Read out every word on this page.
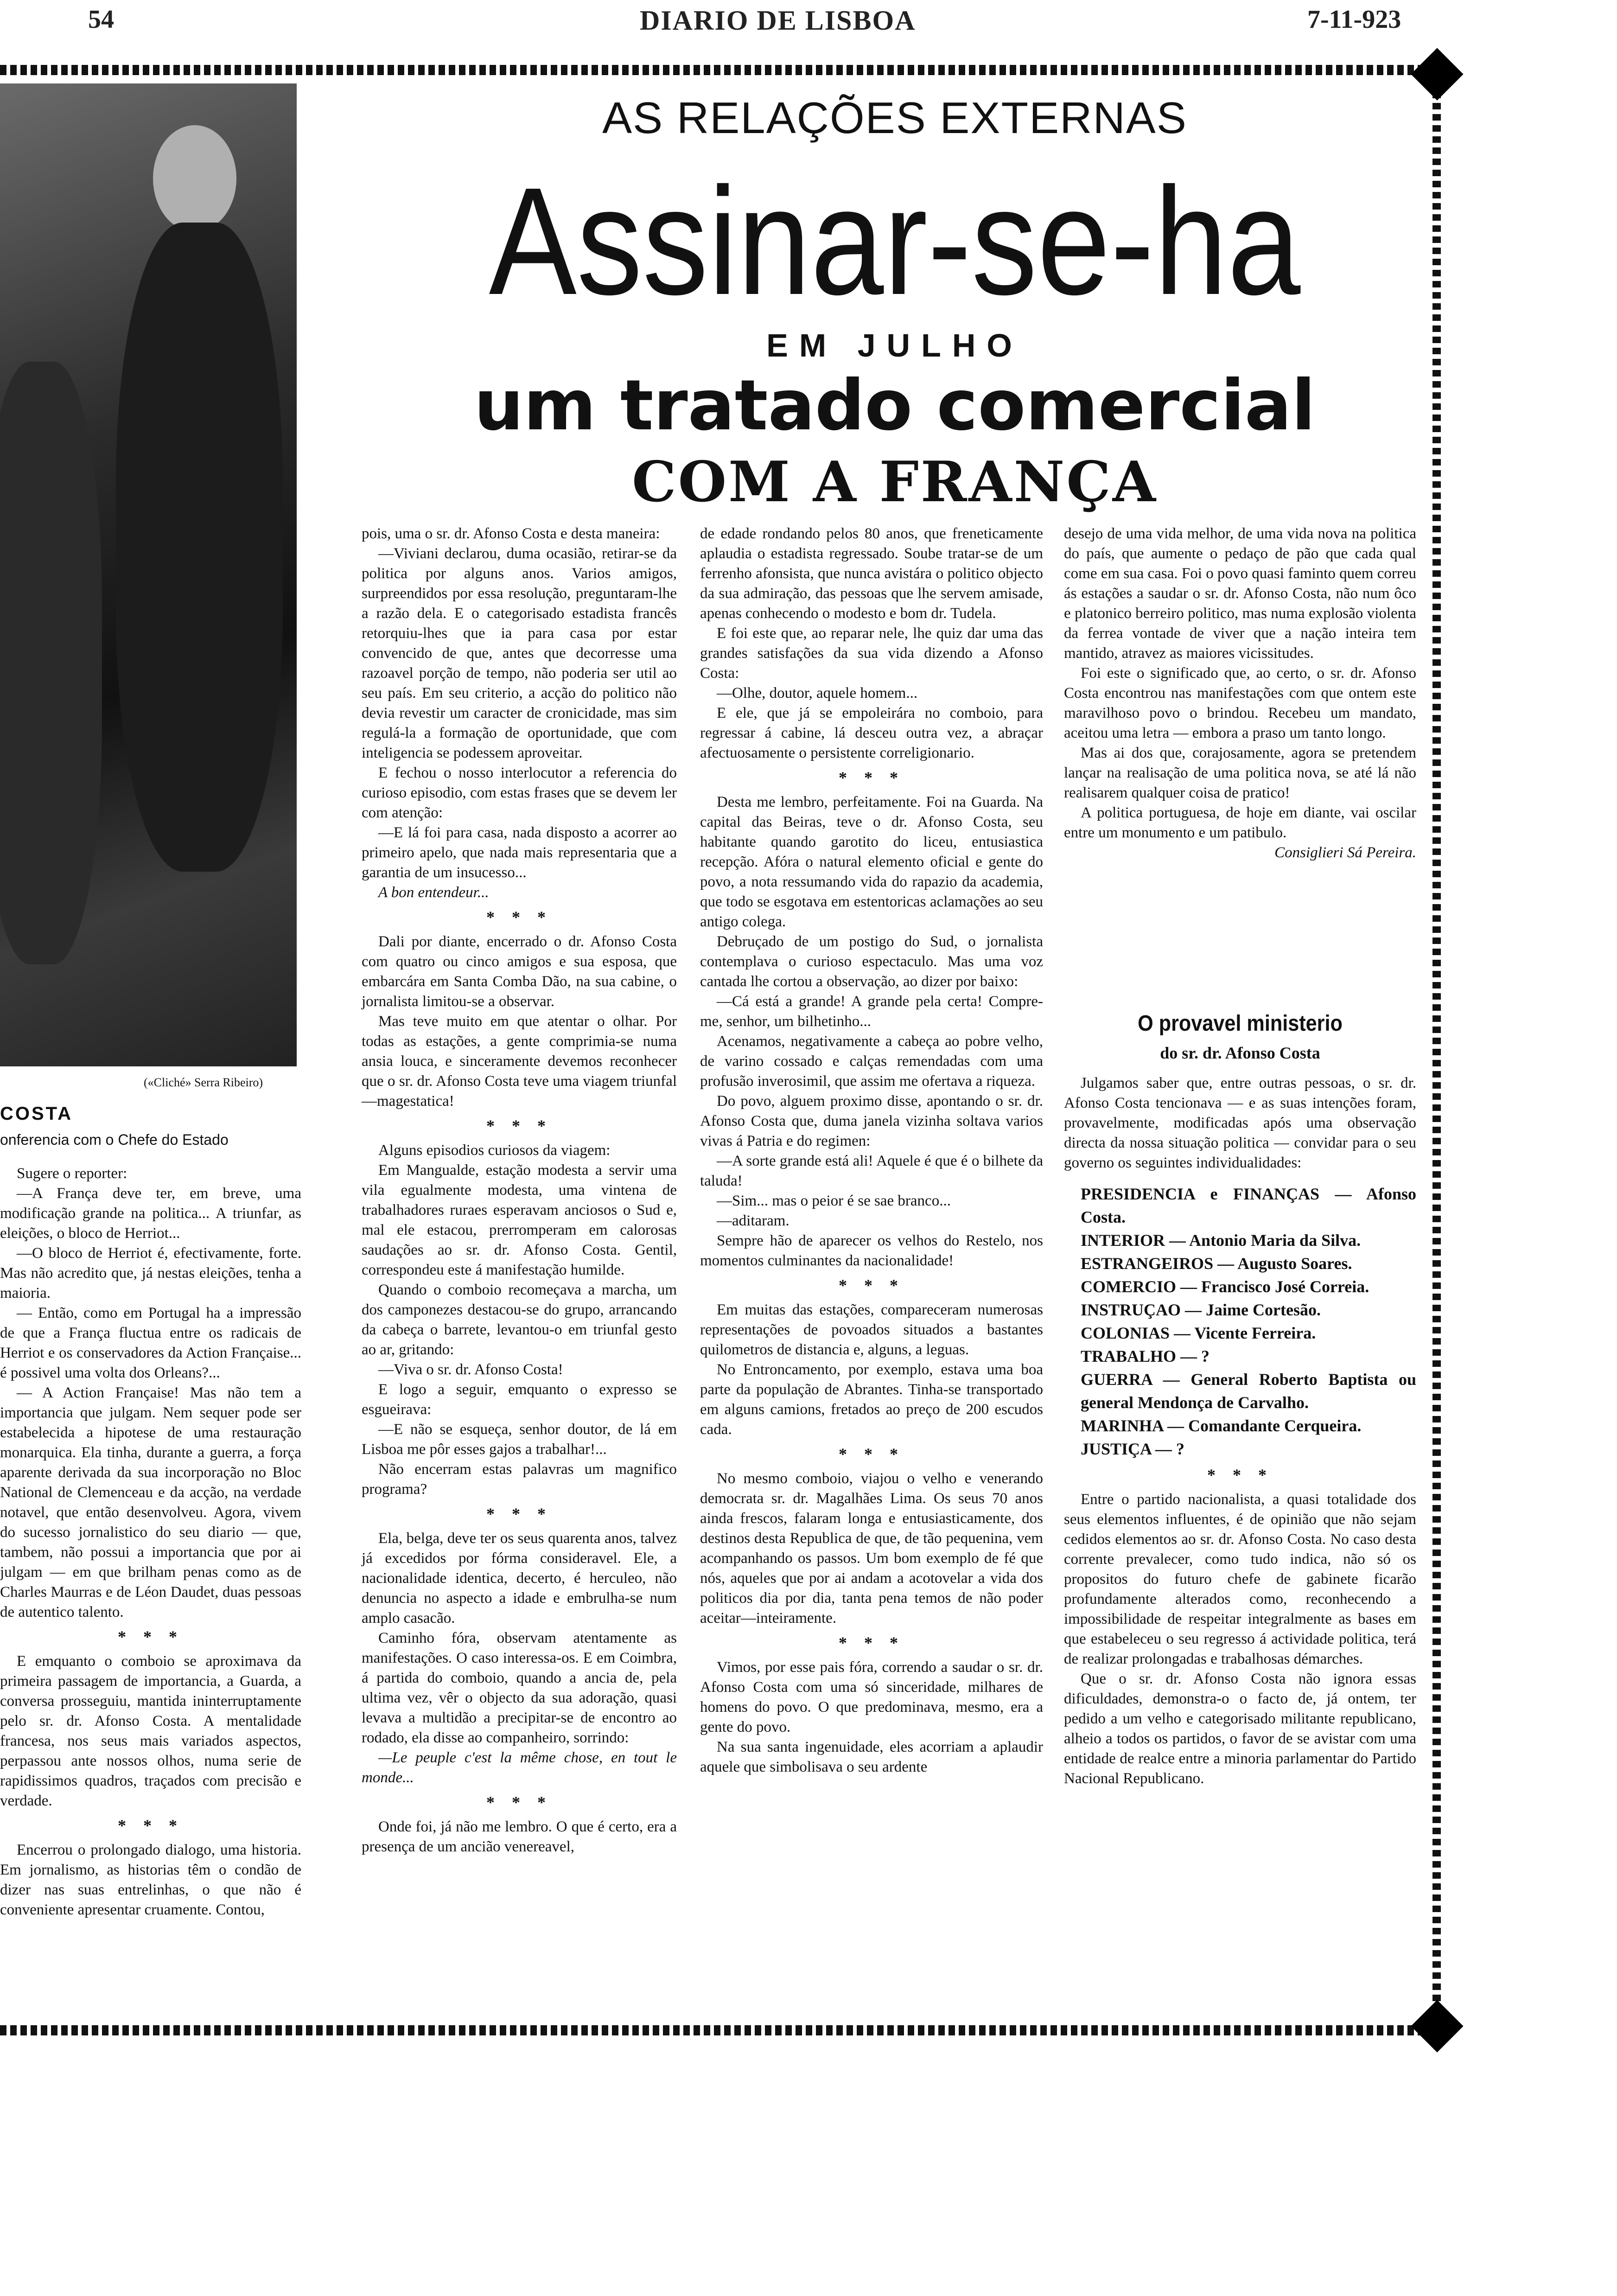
54	DIARIO DE LISBOA	7-11-923
(«Cliché» Serra Ribeiro)
COSTA
onferencia com o Chefe do Estado
AS RELAÇÕES EXTERNAS
Assinar-se-ha
EM JULHO
um tratado comercial
COM A FRANÇA

Sugere o reporter:

—A França deve ter, em breve, uma modificação grande na politica... A triunfar, as eleições, o bloco de Herriot...

—O bloco de Herriot é, efectivamente, forte. Mas não acredito que, já nestas eleições, tenha a maioria.

— Então, como em Portugal ha a impressão de que a França fluctua entre os radicais de Herriot e os conservadores da Action Française... é possivel uma volta dos Orleans?...

— A Action Française! Mas não tem a importancia que julgam. Nem sequer pode ser estabelecida a hipotese de uma restauração monarquica. Ela tinha, durante a guerra, a força aparente derivada da sua incorporação no Bloc National de Clemenceau e da acção, na verdade notavel, que então desenvolveu. Agora, vivem do sucesso jornalistico do seu diario — que, tambem, não possui a importancia que por ai julgam — em que brilham penas como as de Charles Maurras e de Léon Daudet, duas pessoas de autentico talento.

* * *

E emquanto o comboio se aproximava da primeira passagem de importancia, a Guarda, a conversa prosseguiu, mantida ininterruptamente pelo sr. dr. Afonso Costa. A mentalidade francesa, nos seus mais variados aspectos, perpassou ante nossos olhos, numa serie de rapidissimos quadros, traçados com precisão e verdade.

* * *

Encerrou o prolongado dialogo, uma historia. Em jornalismo, as historias têm o condão de dizer nas suas entrelinhas, o que não é conveniente apresentar cruamente. Contou,

pois, uma o sr. dr. Afonso Costa e desta maneira:

—Viviani declarou, duma ocasião, retirar-se da politica por alguns anos. Varios amigos, surpreendidos por essa resolução, preguntaram-lhe a razão dela. E o categorisado estadista francês retorquiu-lhes que ia para casa por estar convencido de que, antes que decorresse uma razoavel porção de tempo, não poderia ser util ao seu país. Em seu criterio, a acção do politico não devia revestir um caracter de cronicidade, mas sim regulá-la a formação de oportunidade, que com inteligencia se podessem aproveitar.

E fechou o nosso interlocutor a referencia do curioso episodio, com estas frases que se devem ler com atenção:

—E lá foi para casa, nada disposto a acorrer ao primeiro apelo, que nada mais representaria que a garantia de um insucesso...

A bon entendeur...

* * *

Dali por diante, encerrado o dr. Afonso Costa com quatro ou cinco amigos e sua esposa, que embarcára em Santa Comba Dão, na sua cabine, o jornalista limitou-se a observar.

Mas teve muito em que atentar o olhar. Por todas as estações, a gente comprimia-se numa ansia louca, e sinceramente devemos reconhecer que o sr. dr. Afonso Costa teve uma viagem triunfal—magestatica!

* * *

Alguns episodios curiosos da viagem:

Em Mangualde, estação modesta a servir uma vila egualmente modesta, uma vintena de trabalhadores ruraes esperavam anciosos o Sud e, mal ele estacou, prerromperam em calorosas saudações ao sr. dr. Afonso Costa. Gentil, correspondeu este á manifestação humilde.

Quando o comboio recomeçava a marcha, um dos camponezes destacou-se do grupo, arrancando da cabeça o barrete, levantou-o em triunfal gesto ao ar, gritando:

—Viva o sr. dr. Afonso Costa!

E logo a seguir, emquanto o expresso se esgueirava:

—E não se esqueça, senhor doutor, de lá em Lisboa me pôr esses gajos a trabalhar!...

Não encerram estas palavras um magnifico programa?

* * *

Ela, belga, deve ter os seus quarenta anos, talvez já excedidos por fórma consideravel. Ele, a nacionalidade identica, decerto, é herculeo, não denuncia no aspecto a idade e embrulha-se num amplo casacão.

Caminho fóra, observam atentamente as manifestações. O caso interessa-os. E em Coimbra, á partida do comboio, quando a ancia de, pela ultima vez, vêr o objecto da sua adoração, quasi levava a multidão a precipitar-se de encontro ao rodado, ela disse ao companheiro, sorrindo:

—Le peuple c'est la même chose, en tout le monde...

* * *

Onde foi, já não me lembro. O que é certo, era a presença de um ancião venereavel,

de edade rondando pelos 80 anos, que freneticamente aplaudia o estadista regressado. Soube tratar-se de um ferrenho afonsista, que nunca avistára o politico objecto da sua admiração, das pessoas que lhe servem amisade, apenas conhecendo o modesto e bom dr. Tudela.

E foi este que, ao reparar nele, lhe quiz dar uma das grandes satisfações da sua vida dizendo a Afonso Costa:

—Olhe, doutor, aquele homem...

E ele, que já se empoleirára no comboio, para regressar á cabine, lá desceu outra vez, a abraçar afectuosamente o persistente correligionario.

* * *

Desta me lembro, perfeitamente. Foi na Guarda. Na capital das Beiras, teve o dr. Afonso Costa, seu habitante quando garotito do liceu, entusiastica recepção. Afóra o natural elemento oficial e gente do povo, a nota ressumando vida do rapazio da academia, que todo se esgotava em estentoricas aclamações ao seu antigo colega.

Debruçado de um postigo do Sud, o jornalista contemplava o curioso espectaculo. Mas uma voz cantada lhe cortou a observação, ao dizer por baixo:

—Cá está a grande! A grande pela certa! Compre-me, senhor, um bilhetinho...

Acenamos, negativamente a cabeça ao pobre velho, de varino cossado e calças remendadas com uma profusão inverosimil, que assim me ofertava a riqueza.

Do povo, alguem proximo disse, apontando o sr. dr. Afonso Costa que, duma janela vizinha soltava varios vivas á Patria e do regimen:

—A sorte grande está ali! Aquele é que é o bilhete da taluda!

—Sim... mas o peior é se sae branco...

—aditaram.

Sempre hão de aparecer os velhos do Restelo, nos momentos culminantes da nacionalidade!

* * *

Em muitas das estações, compareceram numerosas representações de povoados situados a bastantes quilometros de distancia e, alguns, a leguas.

No Entroncamento, por exemplo, estava uma boa parte da população de Abrantes. Tinha-se transportado em alguns camions, fretados ao preço de 200 escudos cada.

* * *

No mesmo comboio, viajou o velho e venerando democrata sr. dr. Magalhães Lima. Os seus 70 anos ainda frescos, falaram longa e entusiasticamente, dos destinos desta Republica de que, de tão pequenina, vem acompanhando os passos. Um bom exemplo de fé que nós, aqueles que por ai andam a acotovelar a vida dos politicos dia por dia, tanta pena temos de não poder aceitar—inteiramente.

* * *

Vimos, por esse pais fóra, correndo a saudar o sr. dr. Afonso Costa com uma só sinceridade, milhares de homens do povo. O que predominava, mesmo, era a gente do povo.

Na sua santa ingenuidade, eles acorriam a aplaudir aquele que simbolisava o seu ardente

desejo de uma vida melhor, de uma vida nova na politica do país, que aumente o pedaço de pão que cada qual come em sua casa. Foi o povo quasi faminto quem correu ás estações a saudar o sr. dr. Afonso Costa, não num ôco e platonico berreiro politico, mas numa explosão violenta da ferrea vontade de viver que a nação inteira tem mantido, atravez as maiores vicissitudes.

Foi este o significado que, ao certo, o sr. dr. Afonso Costa encontrou nas manifestações com que ontem este maravilhoso povo o brindou. Recebeu um mandato, aceitou uma letra — embora a praso um tanto longo.

Mas ai dos que, corajosamente, agora se pretendem lançar na realisação de uma politica nova, se até lá não realisarem qualquer coisa de pratico!

A politica portuguesa, de hoje em diante, vai oscilar entre um monumento e um patibulo.

Consiglieri Sá Pereira.

O provavel ministerio
do sr. dr. Afonso Costa

Julgamos saber que, entre outras pessoas, o sr. dr. Afonso Costa tencionava — e as suas intenções foram, provavelmente, modificadas após uma observação directa da nossa situação politica — convidar para o seu governo os seguintes individualidades:

PRESIDENCIA e FINANÇAS — Afonso Costa.

INTERIOR — Antonio Maria da Silva.

ESTRANGEIROS — Augusto Soares.

COMERCIO — Francisco José Correia.

INSTRUÇAO — Jaime Cortesão.

COLONIAS — Vicente Ferreira.

TRABALHO — ?

GUERRA — General Roberto Baptista ou general Mendonça de Carvalho.

MARINHA — Comandante Cerqueira.

JUSTIÇA — ?

* * *

Entre o partido nacionalista, a quasi totalidade dos seus elementos influentes, é de opinião que não sejam cedidos elementos ao sr. dr. Afonso Costa. No caso desta corrente prevalecer, como tudo indica, não só os propositos do futuro chefe de gabinete ficarão profundamente alterados como, reconhecendo a impossibilidade de respeitar integralmente as bases em que estabeleceu o seu regresso á actividade politica, terá de realizar prolongadas e trabalhosas démarches.

Que o sr. dr. Afonso Costa não ignora essas dificuldades, demonstra-o o facto de, já ontem, ter pedido a um velho e categorisado militante republicano, alheio a todos os partidos, o favor de se avistar com uma entidade de realce entre a minoria parlamentar do Partido Nacional Republicano.
